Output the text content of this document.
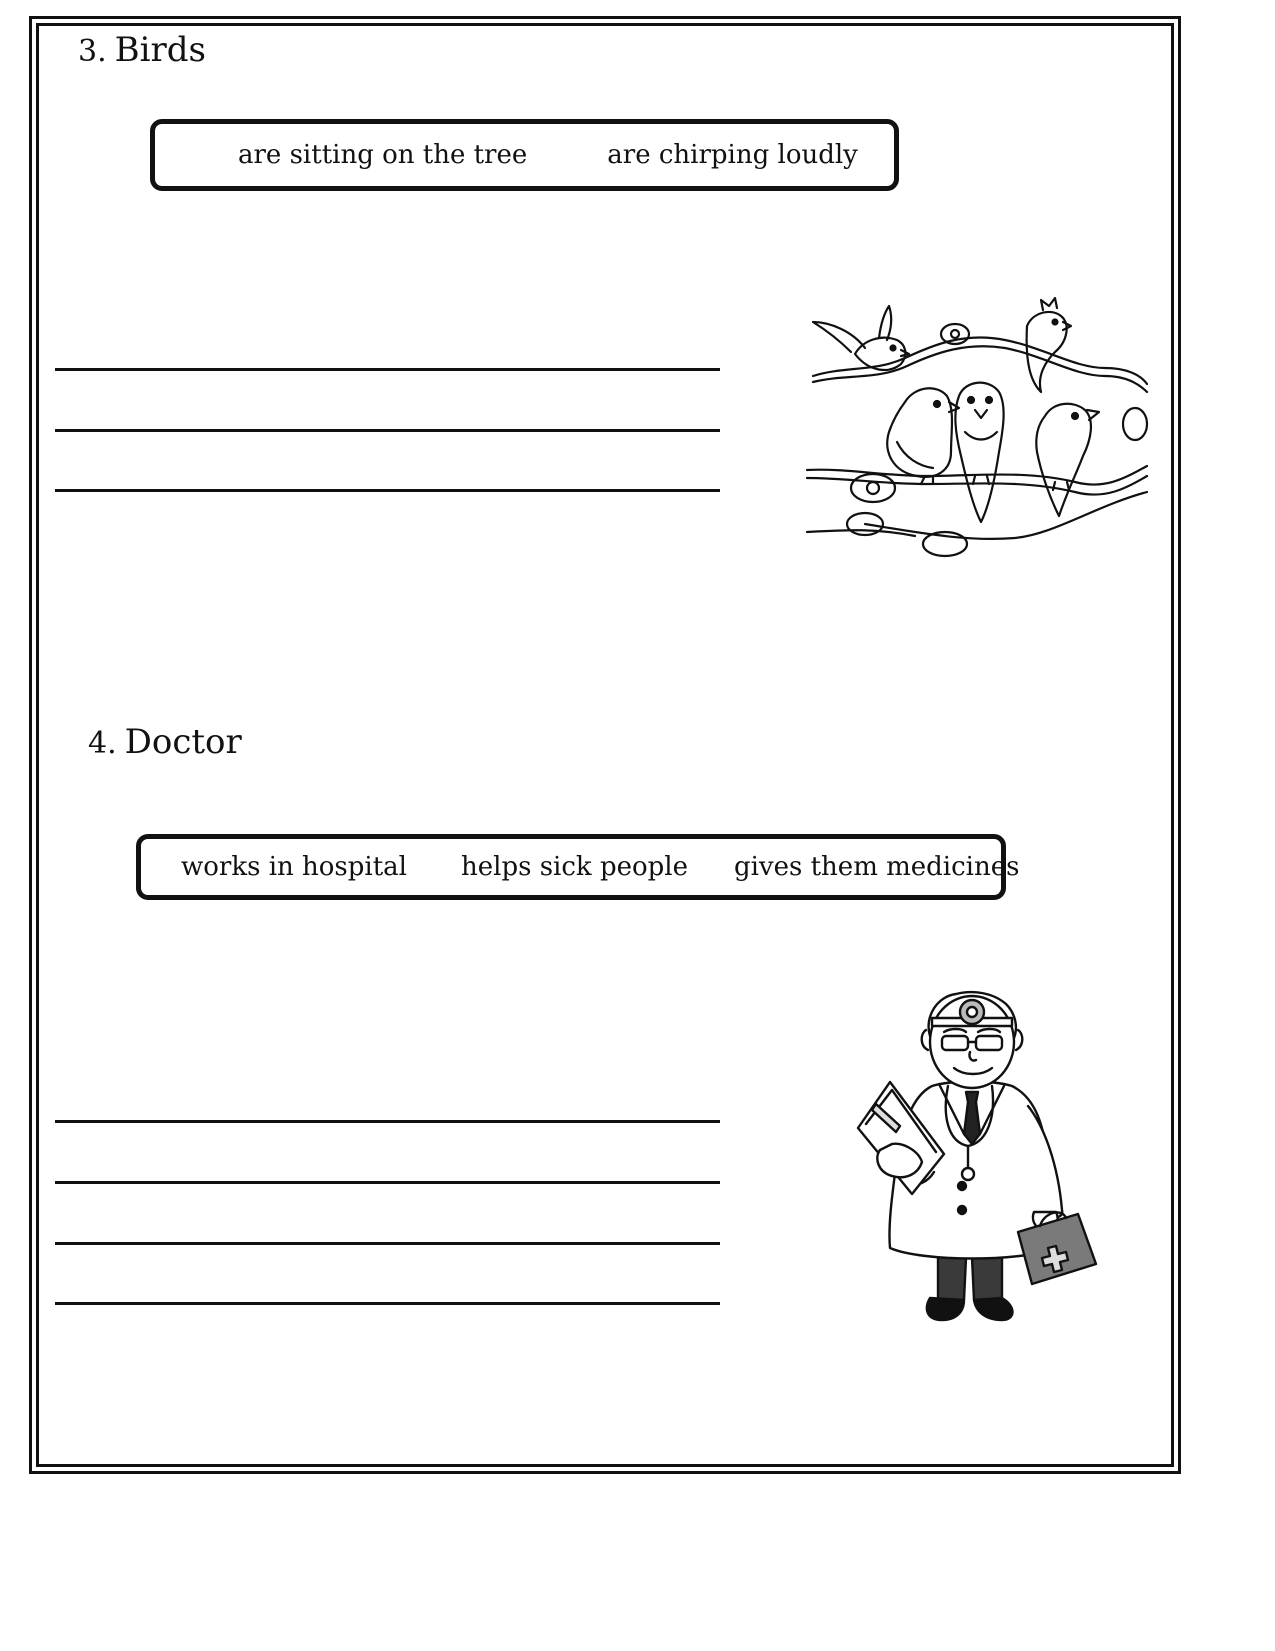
3. Birds
are sitting on the tree	are chirping loudly
4. Doctor
works in hospital helps sick people gives them medicines
